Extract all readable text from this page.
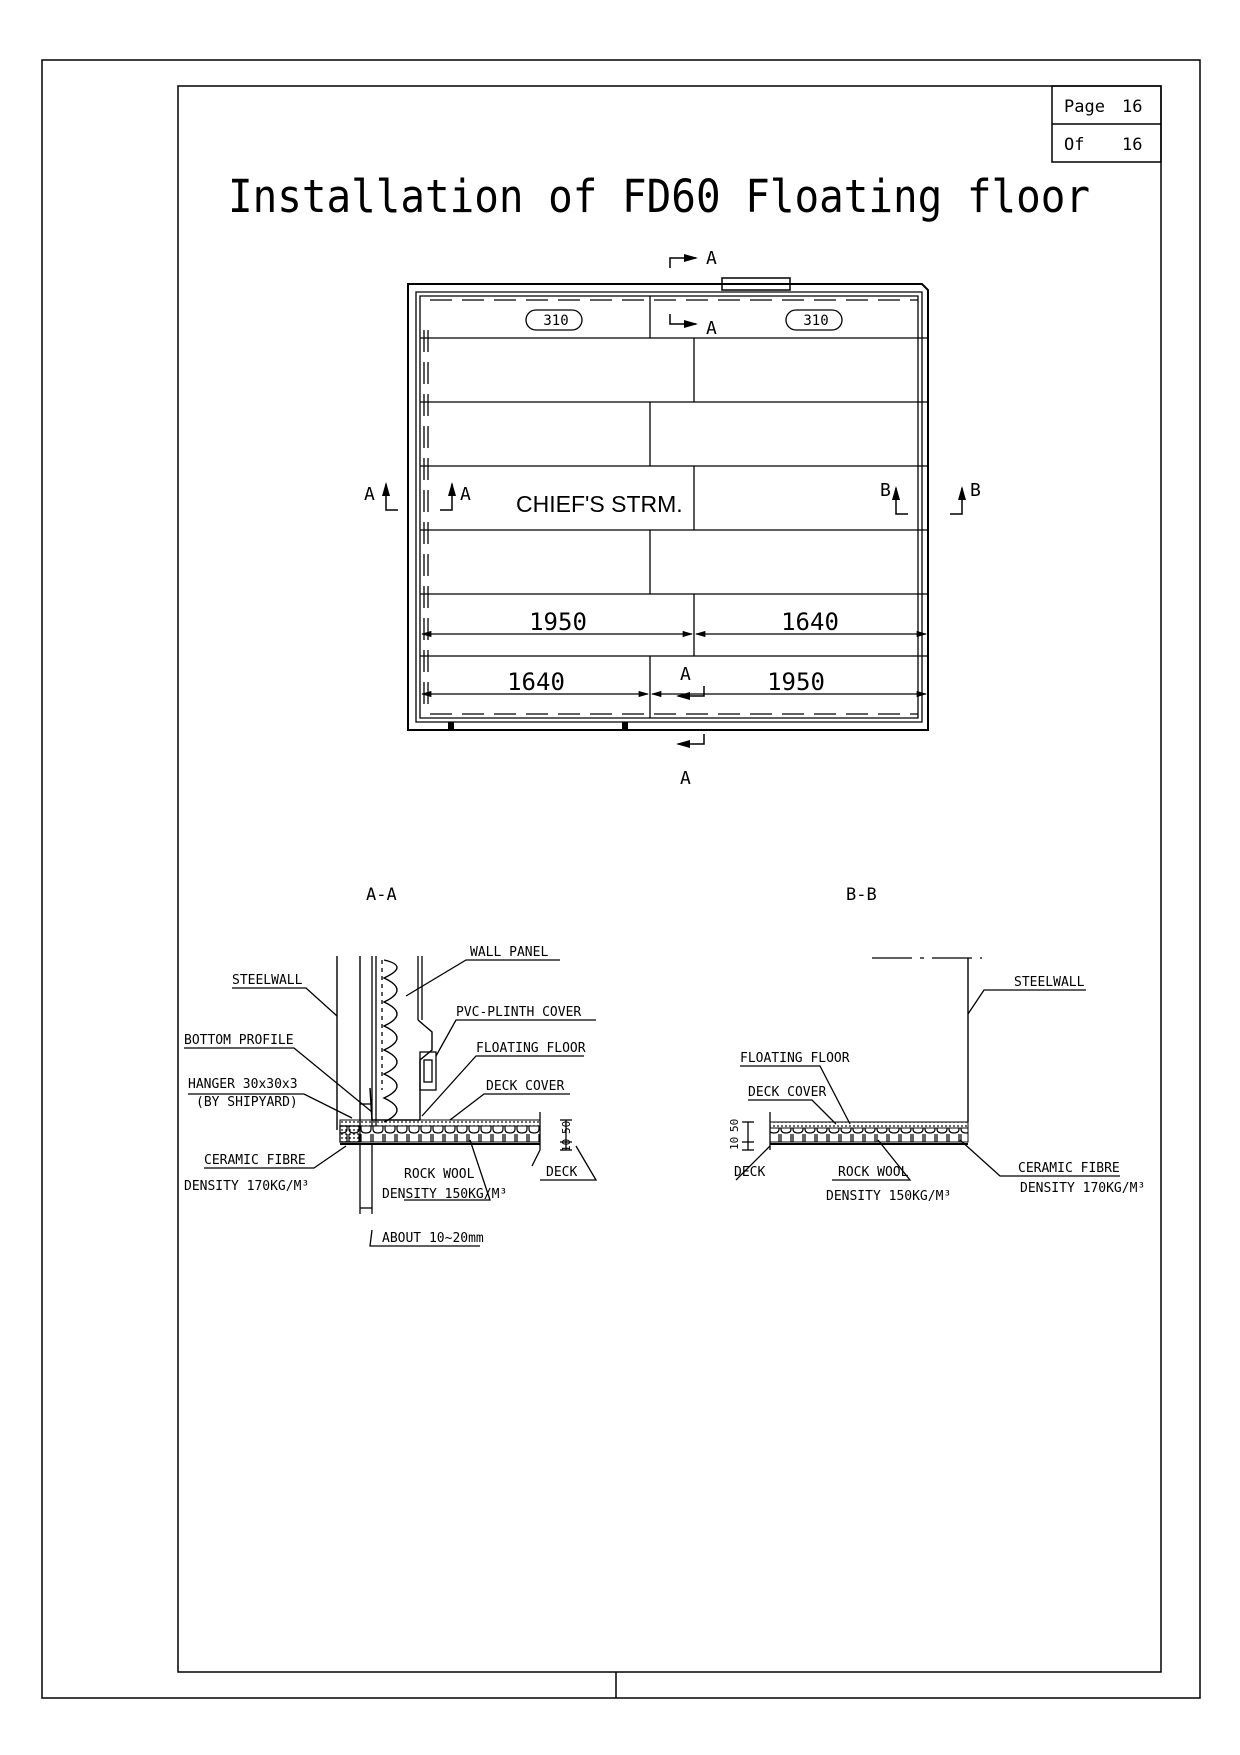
Page 16
Of 16
Installation of FD60 Floating floor
310	310
CHIEF'S STRM.
1950	1640
1640	1950
A
A
A	A
A
A
B	B
A-A
STEELWALL
WALL PANEL
PVC-PLINTH COVER
BOTTOM PROFILE
FLOATING FLOOR
HANGER 30x30x3
(BY SHIPYARD)
DECK COVER
CERAMIC FIBRE
DENSITY 170KG/M³
ROCK WOOL
DENSITY 150KG/M³
DECK
50
10
ABOUT 10~20mm
B-B
STEELWALL
FLOATING FLOOR
DECK COVER
10
50
DECK	ROCK WOOL
DENSITY 150KG/M³
CERAMIC FIBRE
DENSITY 170KG/M³
